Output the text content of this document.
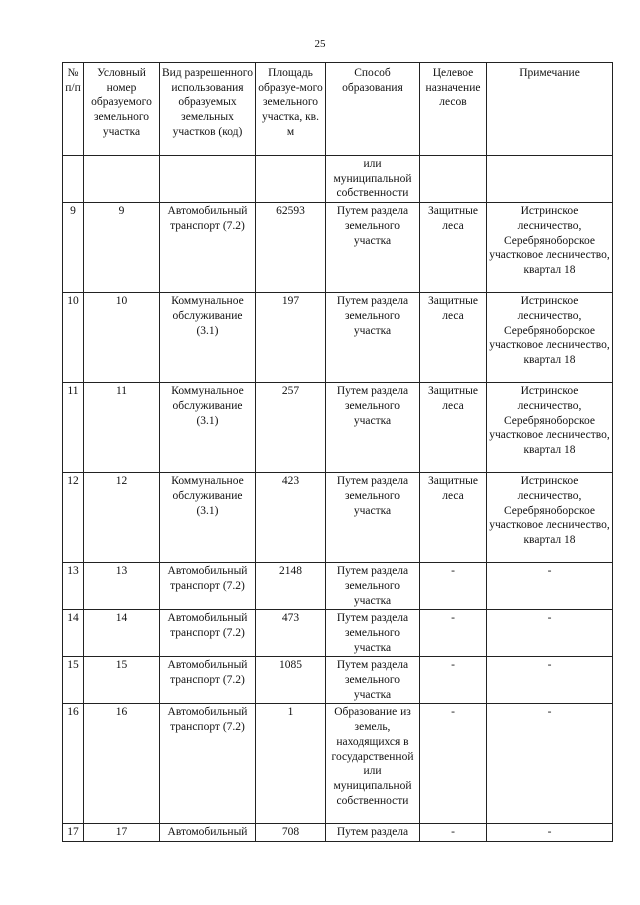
25
№ п/п	Условный номер образуемого земельного участка	Вид разрешенного использования образуемых земельных участков (код)	Площадь образуе-мого земельного участка, кв. м	Способ образования	Целевое назначение лесов	Примечание
				или муниципальной собственности		
9	9	Автомобильный транспорт (7.2)	62593	Путем раздела земельного участка	Защитные леса	Истринское лесничество, Серебряноборское участковое лесничество, квартал 18
10	10	Коммунальное обслуживание (3.1)	197	Путем раздела земельного участка	Защитные леса	Истринское лесничество, Серебряноборское участковое лесничество, квартал 18
11	11	Коммунальное обслуживание (3.1)	257	Путем раздела земельного участка	Защитные леса	Истринское лесничество, Серебряноборское участковое лесничество, квартал 18
12	12	Коммунальное обслуживание (3.1)	423	Путем раздела земельного участка	Защитные леса	Истринское лесничество, Серебряноборское участковое лесничество, квартал 18
13	13	Автомобильный транспорт (7.2)	2148	Путем раздела земельного участка	-	-
14	14	Автомобильный транспорт (7.2)	473	Путем раздела земельного участка	-	-
15	15	Автомобильный транспорт (7.2)	1085	Путем раздела земельного участка	-	-
16	16	Автомобильный транспорт (7.2)	1	Образование из земель, находящихся в государственной или муниципальной собственности	-	-
17	17	Автомобильный	708	Путем раздела	-	-
